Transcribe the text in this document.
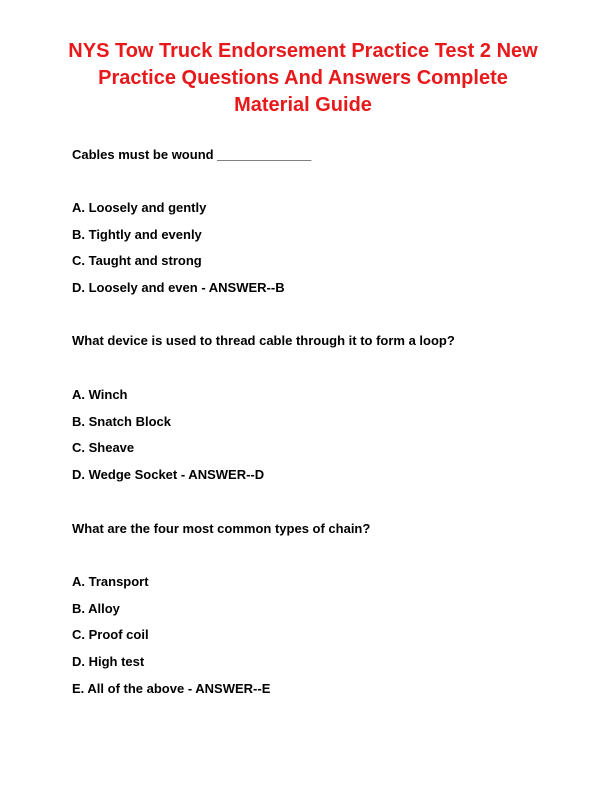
NYS Tow Truck Endorsement Practice Test 2 New
Practice Questions And Answers Complete
Material Guide

Cables must be wound _____________

A. Loosely and gently

B. Tightly and evenly

C. Taught and strong

D. Loosely and even - ANSWER--B

What device is used to thread cable through it to form a loop?

A. Winch

B. Snatch Block

C. Sheave

D. Wedge Socket - ANSWER--D

What are the four most common types of chain?

A. Transport

B. Alloy

C. Proof coil

D. High test

E. All of the above - ANSWER--E
